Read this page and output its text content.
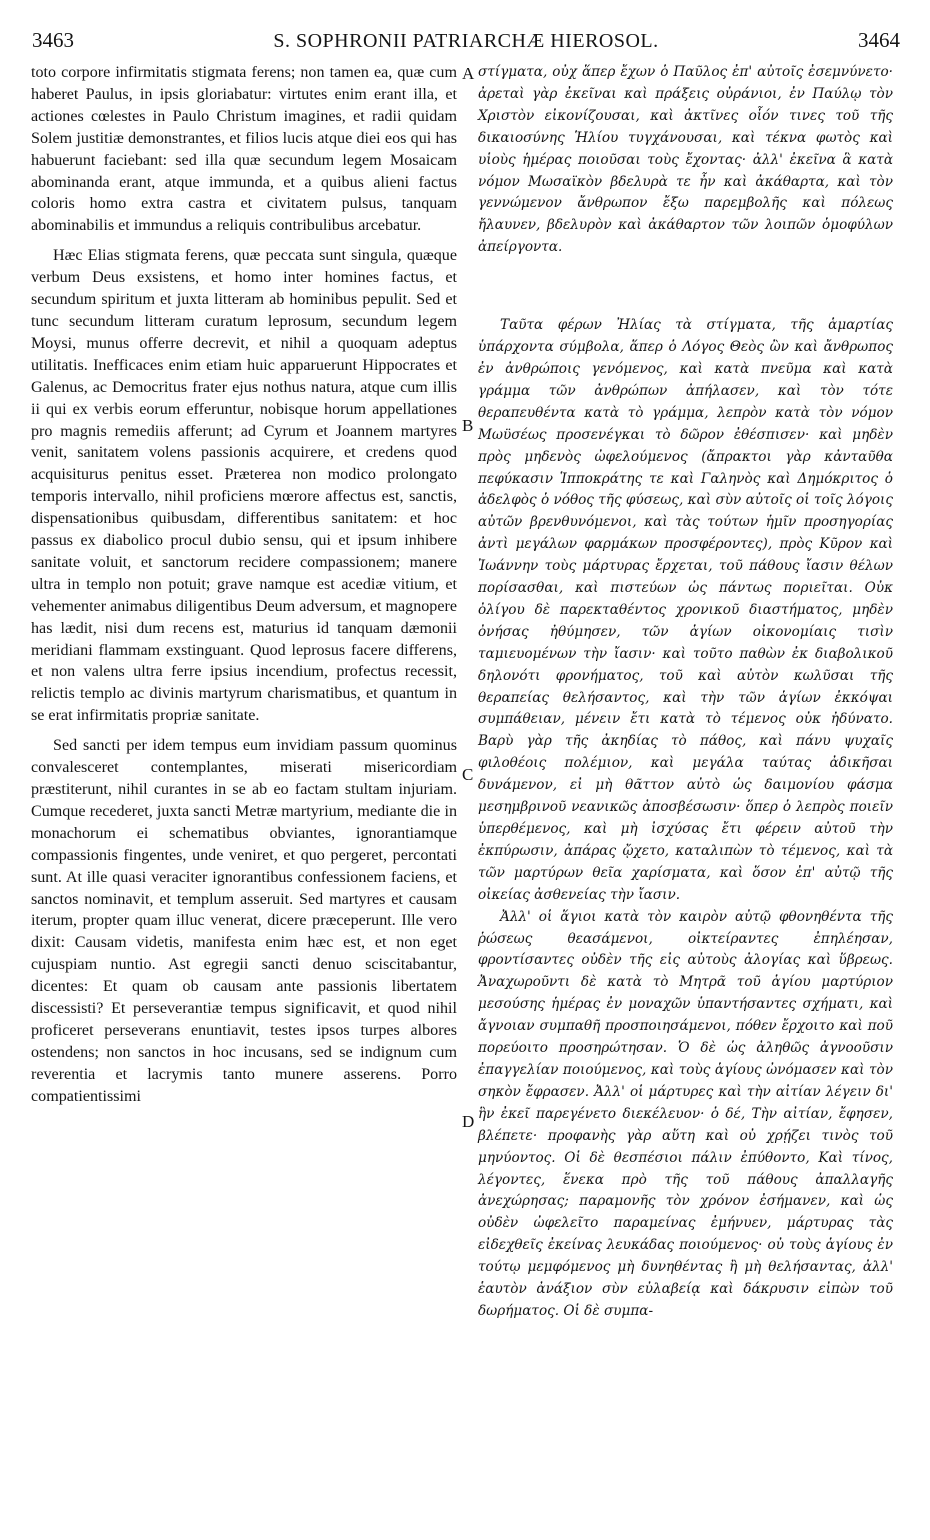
3463	S. SOPHRONII PATRIARCHÆ HIEROSOL.	3464

toto corpore infirmitatis stigmata ferens; non tamen ea, quæ cum haberet Paulus, in ipsis gloriabatur: virtutes enim erant illa, et actiones cœlestes in Paulo Christum imagines, et radii quidam Solem justitiæ demonstrantes, et filios lucis atque diei eos qui has habuerunt faciebant: sed illa quæ secundum legem Mosaicam abominanda erant, atque immunda, et a quibus alieni factus coloris homo extra castra et civitatem pulsus, tanquam abominabilis et immundus a reliquis contribulibus arcebatur.

Hæc Elias stigmata ferens, quæ peccata sunt singula, quæque verbum Deus exsistens, et homo inter homines factus, et secundum spiritum et juxta litteram ab hominibus pepulit. Sed et tunc secundum litteram curatum leprosum, secundum legem Moysi, munus offerre decrevit, et nihil a quoquam adeptus utilitatis. Inefficaces enim etiam huic apparuerunt Hippocrates et Galenus, ac Democritus frater ejus nothus natura, atque cum illis ii qui ex verbis eorum efferuntur, nobisque horum appellationes pro magnis remediis afferunt; ad Cyrum et Joannem martyres venit, sanitatem volens passionis acquirere, et credens quod acquisiturus penitus esset. Præterea non modico prolongato temporis intervallo, nihil proficiens mœrore affectus est, sanctis, dispensationibus quibusdam, differentibus sanitatem: et hoc passus ex diabolico procul dubio sensu, qui et ipsum inhibere sanitate voluit, et sanctorum recidere compassionem; manere ultra in templo non potuit; grave namque est acediæ vitium, et vehementer animabus diligentibus Deum adversum, et magnopere has lædit, nisi dum recens est, maturius id tanquam dæmonii meridiani flammam exstinguant. Quod leprosus facere differens, et non valens ultra ferre ipsius incendium, profectus recessit, relictis templo ac divinis martyrum charismatibus, et quantum in se erat infirmitatis propriæ sanitate.

Sed sancti per idem tempus eum invidiam passum quominus convalesceret contemplantes, miserati misericordiam præstiterunt, nihil curantes in se ab eo factam stultam injuriam. Cumque recederet, juxta sancti Metræ martyrium, mediante die in monachorum ei schematibus obviantes, ignorantiamque compassionis fingentes, unde veniret, et quo pergeret, percontati sunt. At ille quasi veraciter ignorantibus confessionem faciens, et sanctos nominavit, et templum asseruit. Sed martyres et causam iterum, propter quam illuc venerat, dicere præceperunt. Ille vero dixit: Causam videtis, manifesta enim hæc est, et non eget cujuspiam nuntio. Ast egregii sancti denuo sciscitabantur, dicentes: Et quam ob causam ante passionis libertatem discessisti? Et perseverantiæ tempus significavit, et quod nihil proficeret perseverans enuntiavit, testes ipsos turpes albores ostendens; non sanctos in hoc incusans, sed se indignum cum reverentia et lacrymis tanto munere asserens. Porro compatientissimi

A
B
C
D

στίγματα, οὐχ ἅπερ ἔχων ὁ Παῦλος ἐπ' αὐτοῖς ἐσεμνύνετο· ἀρεταὶ γὰρ ἐκεῖναι καὶ πράξεις οὐράνιοι, ἐν Παύλῳ τὸν Χριστὸν εἰκονίζουσαι, καὶ ἀκτῖνες οἷόν τινες τοῦ τῆς δικαιοσύνης Ἡλίου τυγχάνουσαι, καὶ τέκνα φωτὸς καὶ υἱοὺς ἡμέρας ποιοῦσαι τοὺς ἔχοντας· ἀλλ' ἐκεῖνα ἃ κατὰ νόμον Μωσαϊκὸν βδελυρὰ τε ἦν καὶ ἀκάθαρτα, καὶ τὸν γεννώμενον ἄνθρωπον ἔξω παρεμβολῆς καὶ πόλεως ἤλαυνεν, βδελυρὸν καὶ ἀκάθαρτον τῶν λοιπῶν ὁμοφύλων ἀπείργοντα.

Ταῦτα φέρων Ἠλίας τὰ στίγματα, τῆς ἁμαρτίας ὑπάρχοντα σύμβολα, ἅπερ ὁ Λόγος Θεὸς ὢν καὶ ἄνθρωπος ἐν ἀνθρώποις γενόμενος, καὶ κατὰ πνεῦμα καὶ κατὰ γράμμα τῶν ἀνθρώπων ἀπήλασεν, καὶ τὸν τότε θεραπευθέντα κατὰ τὸ γράμμα, λεπρὸν κατὰ τὸν νόμον Μωϋσέως προσενέγκαι τὸ δῶρον ἐθέσπισεν· καὶ μηδὲν πρὸς μηδενὸς ὠφελούμενος (ἄπρακτοι γὰρ κἀνταῦθα πεφύκασιν Ἱπποκράτης τε καὶ Γαληνὸς καὶ Δημόκριτος ὁ ἀδελφὸς ὁ νόθος τῆς φύσεως, καὶ σὺν αὐτοῖς οἱ τοῖς λόγοις αὐτῶν βρενθυνόμενοι, καὶ τὰς τούτων ἡμῖν προσηγορίας ἀντὶ μεγάλων φαρμάκων προσφέροντες), πρὸς Κῦρον καὶ Ἰωάννην τοὺς μάρτυρας ἔρχεται, τοῦ πάθους ἴασιν θέλων πορίσασθαι, καὶ πιστεύων ὡς πάντως ποριεῖται. Οὐκ ὀλίγου δὲ παρεκταθέντος χρονικοῦ διαστήματος, μηδὲν ὀνήσας ἠθύμησεν, τῶν ἁγίων οἰκονομίαις τισὶν ταμιευομένων τὴν ἴασιν· καὶ τοῦτο παθὼν ἐκ διαβολικοῦ δηλονότι φρονήματος, τοῦ καὶ αὐτὸν κωλῦσαι τῆς θεραπείας θελήσαντος, καὶ τὴν τῶν ἁγίων ἐκκόψαι συμπάθειαν, μένειν ἔτι κατὰ τὸ τέμενος οὐκ ἠδύνατο. Βαρὺ γὰρ τῆς ἀκηδίας τὸ πάθος, καὶ πάνυ ψυχαῖς φιλοθέοις πολέμιον, καὶ μεγάλα ταύτας ἀδικῆσαι δυνάμενον, εἰ μὴ θᾶττον αὐτὸ ὡς δαιμονίου φάσμα μεσημβρινοῦ νεανικῶς ἀποσβέσωσιν· ὅπερ ὁ λεπρὸς ποιεῖν ὑπερθέμενος, καὶ μὴ ἰσχύσας ἔτι φέρειν αὐτοῦ τὴν ἐκπύρωσιν, ἀπάρας ᾤχετο, καταλιπὼν τὸ τέμενος, καὶ τὰ τῶν μαρτύρων θεῖα χαρίσματα, καὶ ὅσον ἐπ' αὐτῷ τῆς οἰκείας ἀσθενείας τὴν ἴασιν.

Ἀλλ' οἱ ἅγιοι κατὰ τὸν καιρὸν αὐτῷ φθονηθέντα τῆς ῥώσεως θεασάμενοι, οἰκτείραντες ἐπηλέησαν, φροντίσαντες οὐδὲν τῆς εἰς αὐτοὺς ἀλογίας καὶ ὕβρεως. Ἀναχωροῦντι δὲ κατὰ τὸ Μητρᾶ τοῦ ἁγίου μαρτύριον μεσούσης ἡμέρας ἐν μοναχῶν ὑπαντήσαντες σχήματι, καὶ ἄγνοιαν συμπαθῆ προσποιησάμενοι, πόθεν ἔρχοιτο καὶ ποῦ πορεύοιτο προσηρώτησαν. Ὁ δὲ ὡς ἀληθῶς ἀγνοοῦσιν ἐπαγγελίαν ποιούμενος, καὶ τοὺς ἁγίους ὠνόμασεν καὶ τὸν σηκὸν ἔφρασεν. Ἀλλ' οἱ μάρτυρες καὶ τὴν αἰτίαν λέγειν δι' ἣν ἐκεῖ παρεγένετο διεκέλευον· ὁ δέ, Τὴν αἰτίαν, ἔφησεν, βλέπετε· προφανὴς γὰρ αὕτη καὶ οὐ χρῄζει τινὸς τοῦ μηνύοντος. Οἱ δὲ θεσπέσιοι πάλιν ἐπύθοντο, Καὶ τίνος, λέγοντες, ἕνεκα πρὸ τῆς τοῦ πάθους ἀπαλλαγῆς ἀνεχώρησας; παραμονῆς τὸν χρόνον ἐσήμανεν, καὶ ὡς οὐδὲν ὠφελεῖτο παραμείνας ἐμήνυεν, μάρτυρας τὰς εἰδεχθεῖς ἐκείνας λευκάδας ποιούμενος· οὐ τοὺς ἁγίους ἐν τούτῳ μεμφόμενος μὴ δυνηθέντας ἢ μὴ θελήσαντας, ἀλλ' ἑαυτὸν ἀνάξιον σὺν εὐλαβείᾳ καὶ δάκρυσιν εἰπὼν τοῦ δωρήματος. Οἱ δὲ συμπα-
